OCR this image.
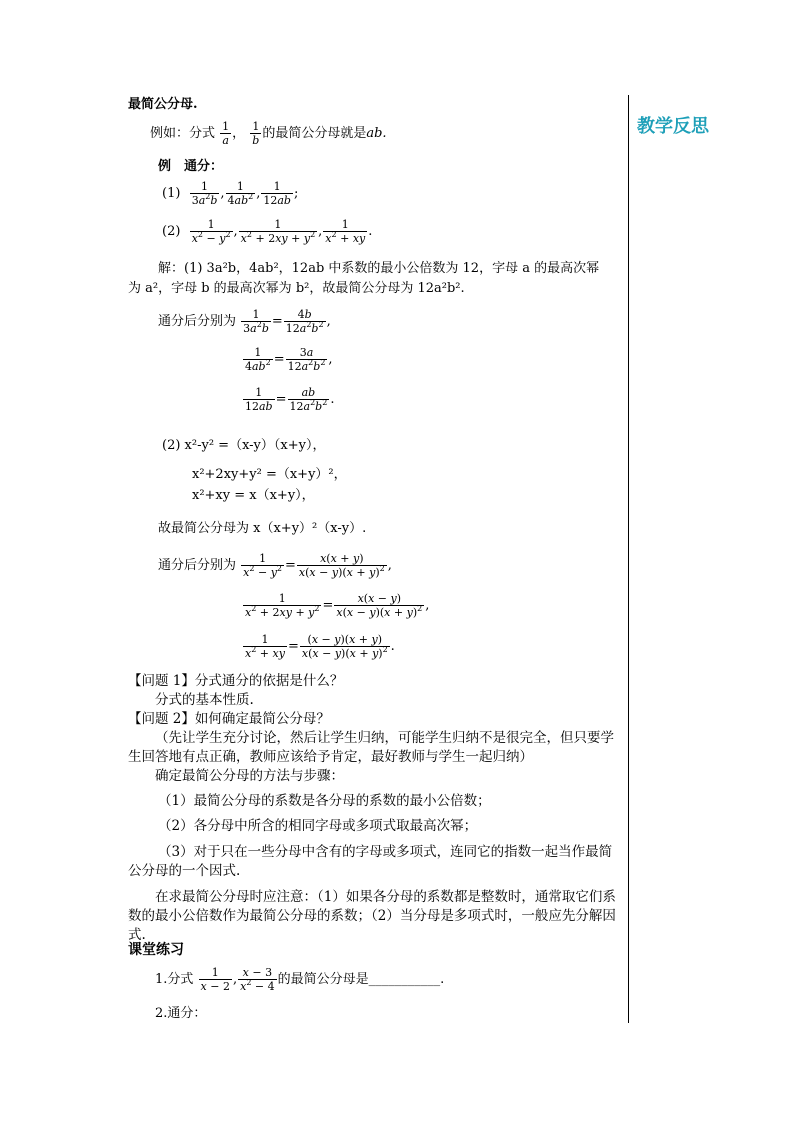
教学反思
最简公分母.
例如：分式 $\frac{1}{a}$ ， $\frac{1}{b}$ 的最简公分母就是ab.
例　通分：
$(1) \frac{1}{3a^2b}$ , $\frac{1}{4ab^2}$ , $\frac{1}{12ab}$ ;
$(2) \frac{1}{x^2 - y^2}$ , $\frac{1}{x^2 + 2xy + y^2}$ , $\frac{1}{x^2 + xy}$ .
解：(1) 3a²b，4ab²，12ab 中系数的最小公倍数为 12，字母 a 的最高次幂
为 a²，字母 b 的最高次幂为 b²，故最简公分母为 12a²b².
通分后分别为 $\frac{1}{3a^2b} = \frac{4b}{12a^2b^2}$ ,
$\frac{1}{4ab^2} = \frac{3a}{12a^2b^2}$ ,
$\frac{1}{12ab} = \frac{ab}{12a^2b^2}$ .
(2) x²-y² =（x-y）（x+y），
x²+2xy+y² =（x+y）²，
x²+xy = x（x+y），
故最简公分母为 x（x+y）²（x-y）.
通分后分别为 $\frac{1}{x^2 - y^2} = \frac{x(x + y)}{x(x - y)(x + y)^2}$ ,
$\frac{1}{x^2 + 2xy + y^2} = \frac{x(x - y)}{x(x - y)(x + y)^2}$ ,
$\frac{1}{x^2 + xy} = \frac{(x - y)(x + y)}{x(x - y)(x + y)^2}$ .
【问题 1】分式通分的依据是什么？
分式的基本性质.
【问题 2】如何确定最简公分母？
（先让学生充分讨论，然后让学生归纳，可能学生归纳不是很完全，但只要学生回答地有点正确，教师应该给予肯定，最好教师与学生一起归纳）
确定最简公分母的方法与步骤：
（1）最简公分母的系数是各分母的系数的最小公倍数；
（2）各分母中所含的相同字母或多项式取最高次幂；
（3）对于只在一些分母中含有的字母或多项式，连同它的指数一起当作最简公分母的一个因式.
在求最简公分母时应注意：（1）如果各分母的系数都是整数时，通常取它们系数的最小公倍数作为最简公分母的系数；（2）当分母是多项式时，一般应先分解因式.
课堂练习
1.分式 $\frac{1}{x - 2}$ , $\frac{x - 3}{x^2 - 4}$ 的最简公分母是___________.
2.通分：
